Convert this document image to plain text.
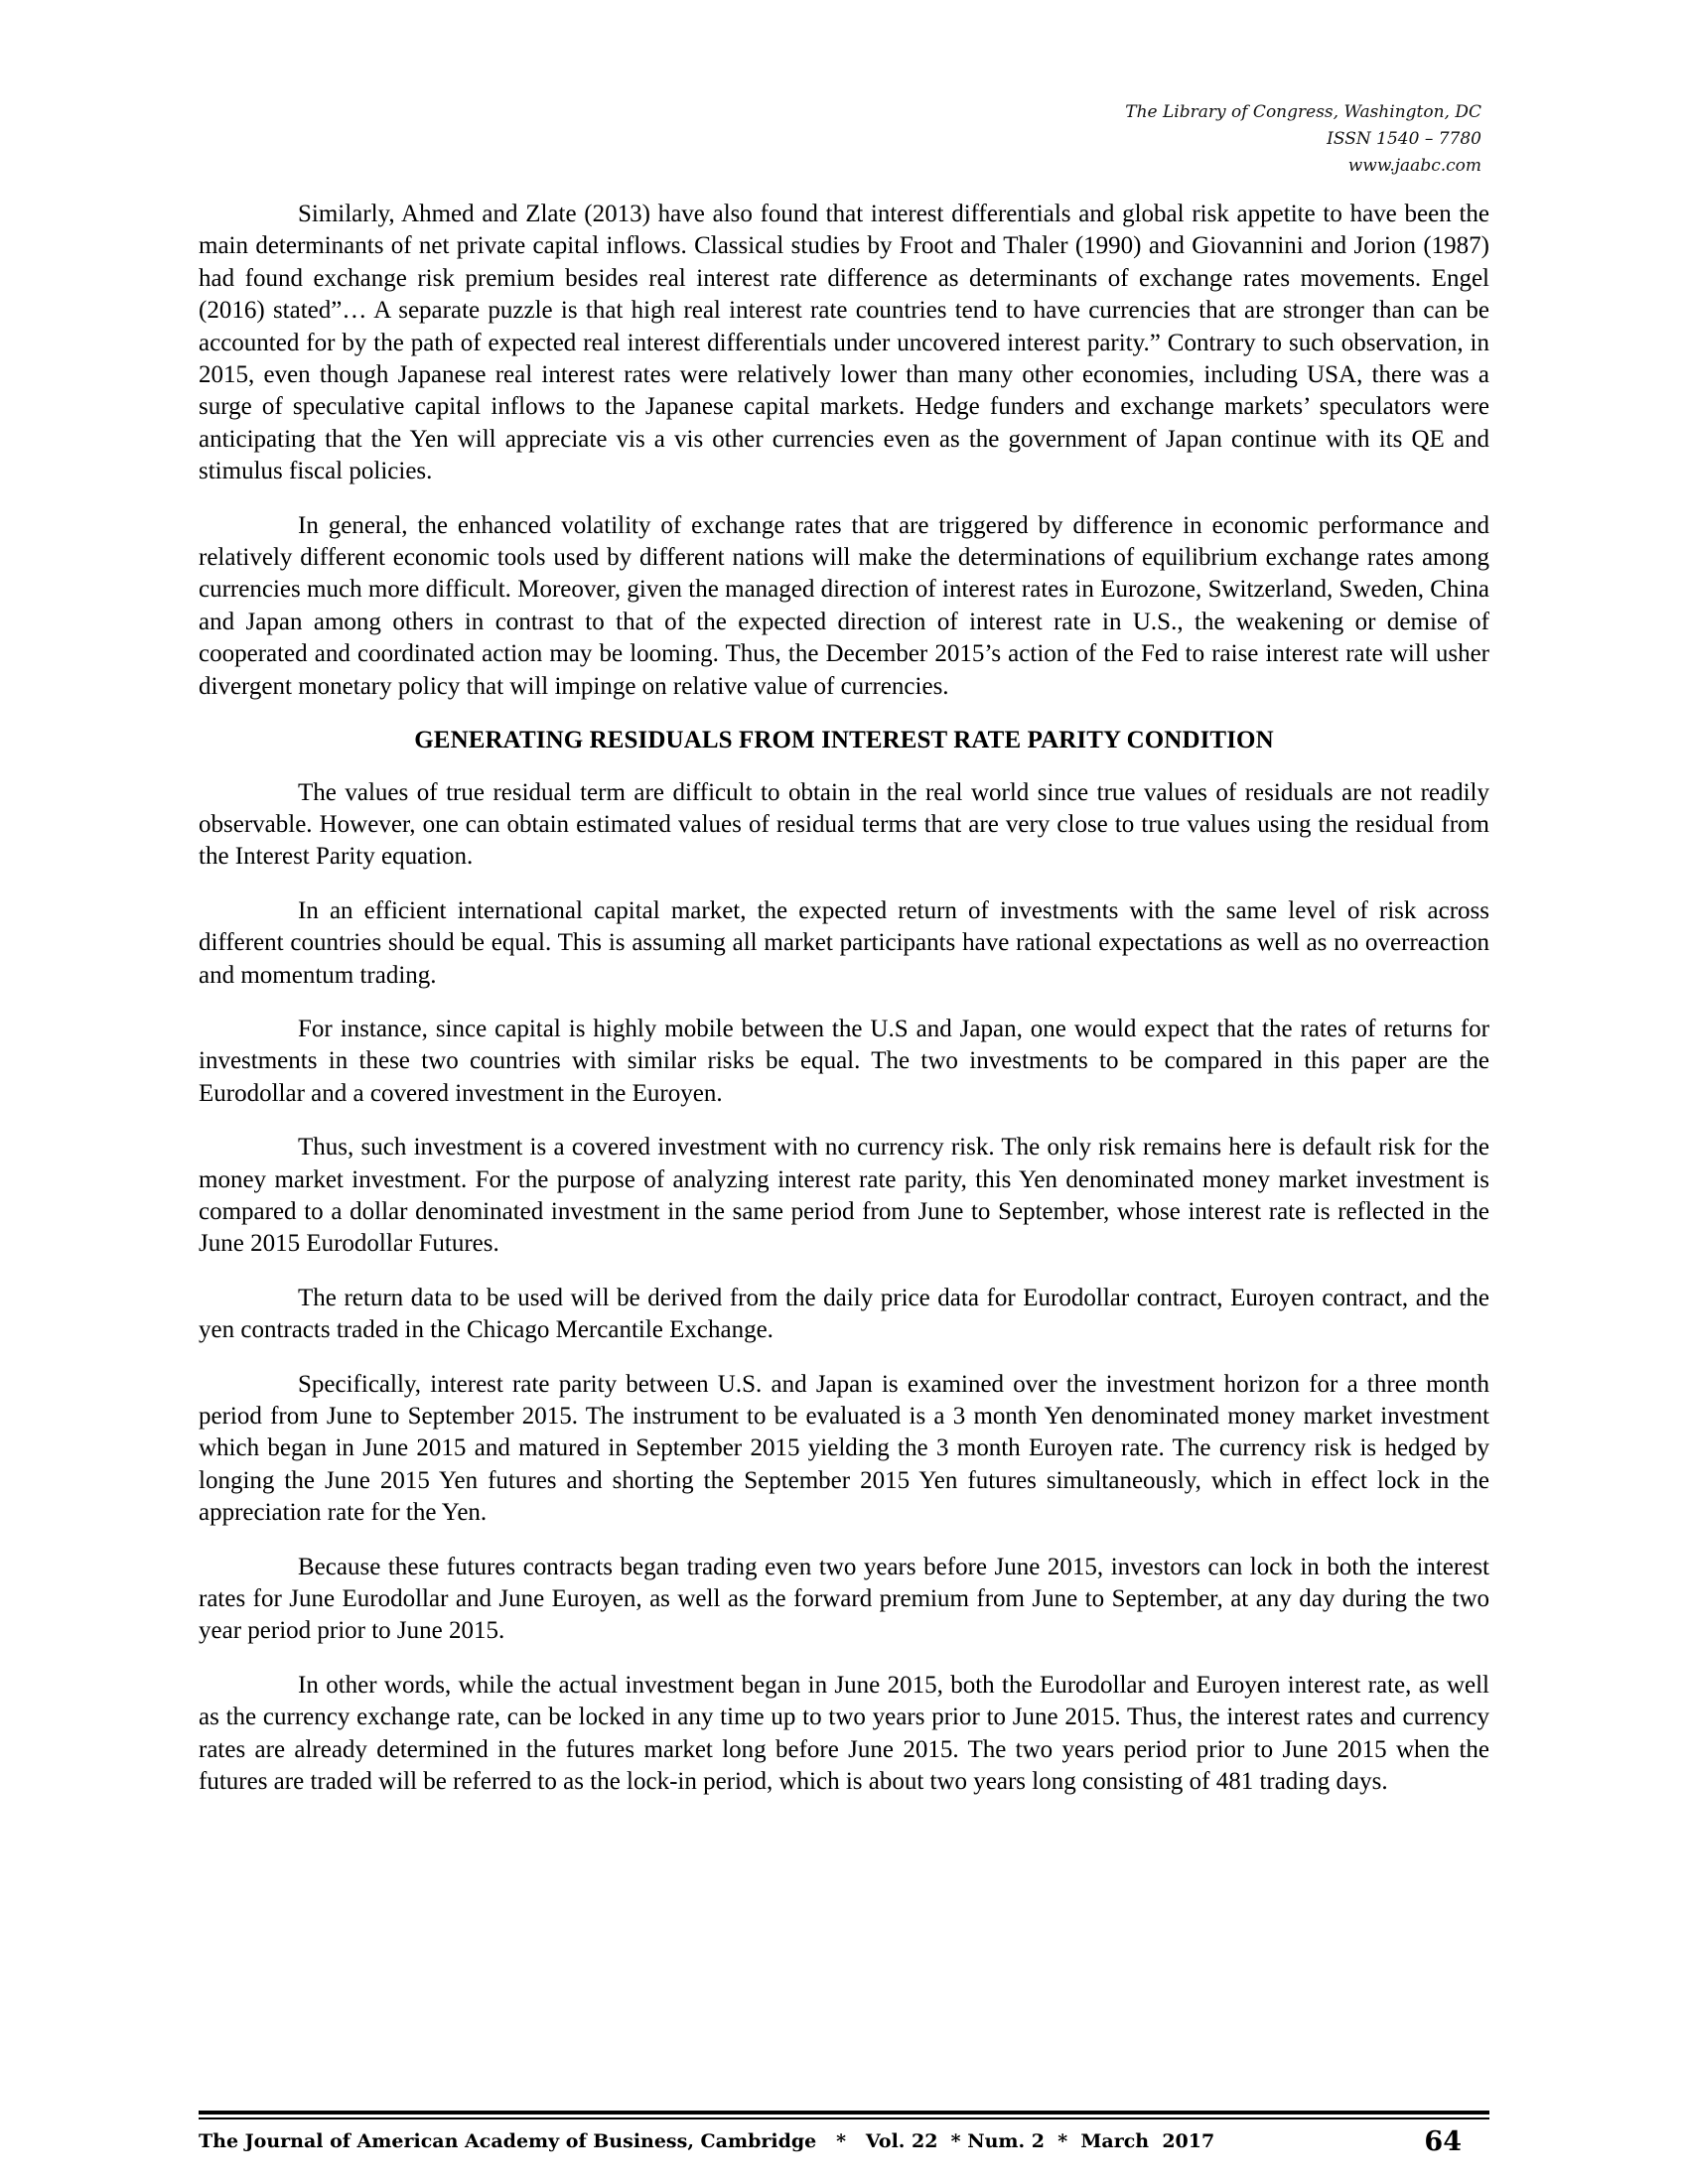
The Library of Congress, Washington, DC
ISSN 1540 – 7780
www.jaabc.com

Similarly, Ahmed and Zlate (2013) have also found that interest differentials and global risk appetite to have been the main determinants of net private capital inflows. Classical studies by Froot and Thaler (1990) and Giovannini and Jorion (1987) had found exchange risk premium besides real interest rate difference as determinants of exchange rates movements. Engel (2016) stated”… A separate puzzle is that high real interest rate countries tend to have currencies that are stronger than can be accounted for by the path of expected real interest differentials under uncovered interest parity.” Contrary to such observation, in 2015, even though Japanese real interest rates were relatively lower than many other economies, including USA, there was a surge of speculative capital inflows to the Japanese capital markets. Hedge funders and exchange markets’ speculators were anticipating that the Yen will appreciate vis a vis other currencies even as the government of Japan continue with its QE and stimulus fiscal policies.

In general, the enhanced volatility of exchange rates that are triggered by difference in economic performance and relatively different economic tools used by different nations will make the determinations of equilibrium exchange rates among currencies much more difficult. Moreover, given the managed direction of interest rates in Eurozone, Switzerland, Sweden, China and Japan among others in contrast to that of the expected direction of interest rate in U.S., the weakening or demise of cooperated and coordinated action may be looming. Thus, the December 2015’s action of the Fed to raise interest rate will usher divergent monetary policy that will impinge on relative value of currencies.

GENERATING RESIDUALS FROM INTEREST RATE PARITY CONDITION

The values of true residual term are difficult to obtain in the real world since true values of residuals are not readily observable. However, one can obtain estimated values of residual terms that are very close to true values using the residual from the Interest Parity equation.

In an efficient international capital market, the expected return of investments with the same level of risk across different countries should be equal. This is assuming all market participants have rational expectations as well as no overreaction and momentum trading.

For instance, since capital is highly mobile between the U.S and Japan, one would expect that the rates of returns for investments in these two countries with similar risks be equal. The two investments to be compared in this paper are the Eurodollar and a covered investment in the Euroyen.

Thus, such investment is a covered investment with no currency risk. The only risk remains here is default risk for the money market investment. For the purpose of analyzing interest rate parity, this Yen denominated money market investment is compared to a dollar denominated investment in the same period from June to September, whose interest rate is reflected in the June 2015 Eurodollar Futures.

The return data to be used will be derived from the daily price data for Eurodollar contract, Euroyen contract, and the yen contracts traded in the Chicago Mercantile Exchange.

Specifically, interest rate parity between U.S. and Japan is examined over the investment horizon for a three month period from June to September 2015. The instrument to be evaluated is a 3 month Yen denominated money market investment which began in June 2015 and matured in September 2015 yielding the 3 month Euroyen rate. The currency risk is hedged by longing the June 2015 Yen futures and shorting the September 2015 Yen futures simultaneously, which in effect lock in the appreciation rate for the Yen.

Because these futures contracts began trading even two years before June 2015, investors can lock in both the interest rates for June Eurodollar and June Euroyen, as well as the forward premium from June to September, at any day during the two year period prior to June 2015.

In other words, while the actual investment began in June 2015, both the Eurodollar and Euroyen interest rate, as well as the currency exchange rate, can be locked in any time up to two years prior to June 2015. Thus, the interest rates and currency rates are already determined in the futures market long before June 2015. The two years period prior to June 2015 when the futures are traded will be referred to as the lock-in period, which is about two years long consisting of 481 trading days.

The Journal of American Academy of Business, Cambridge   *   Vol. 22  * Num. 2  *  March  2017	64
